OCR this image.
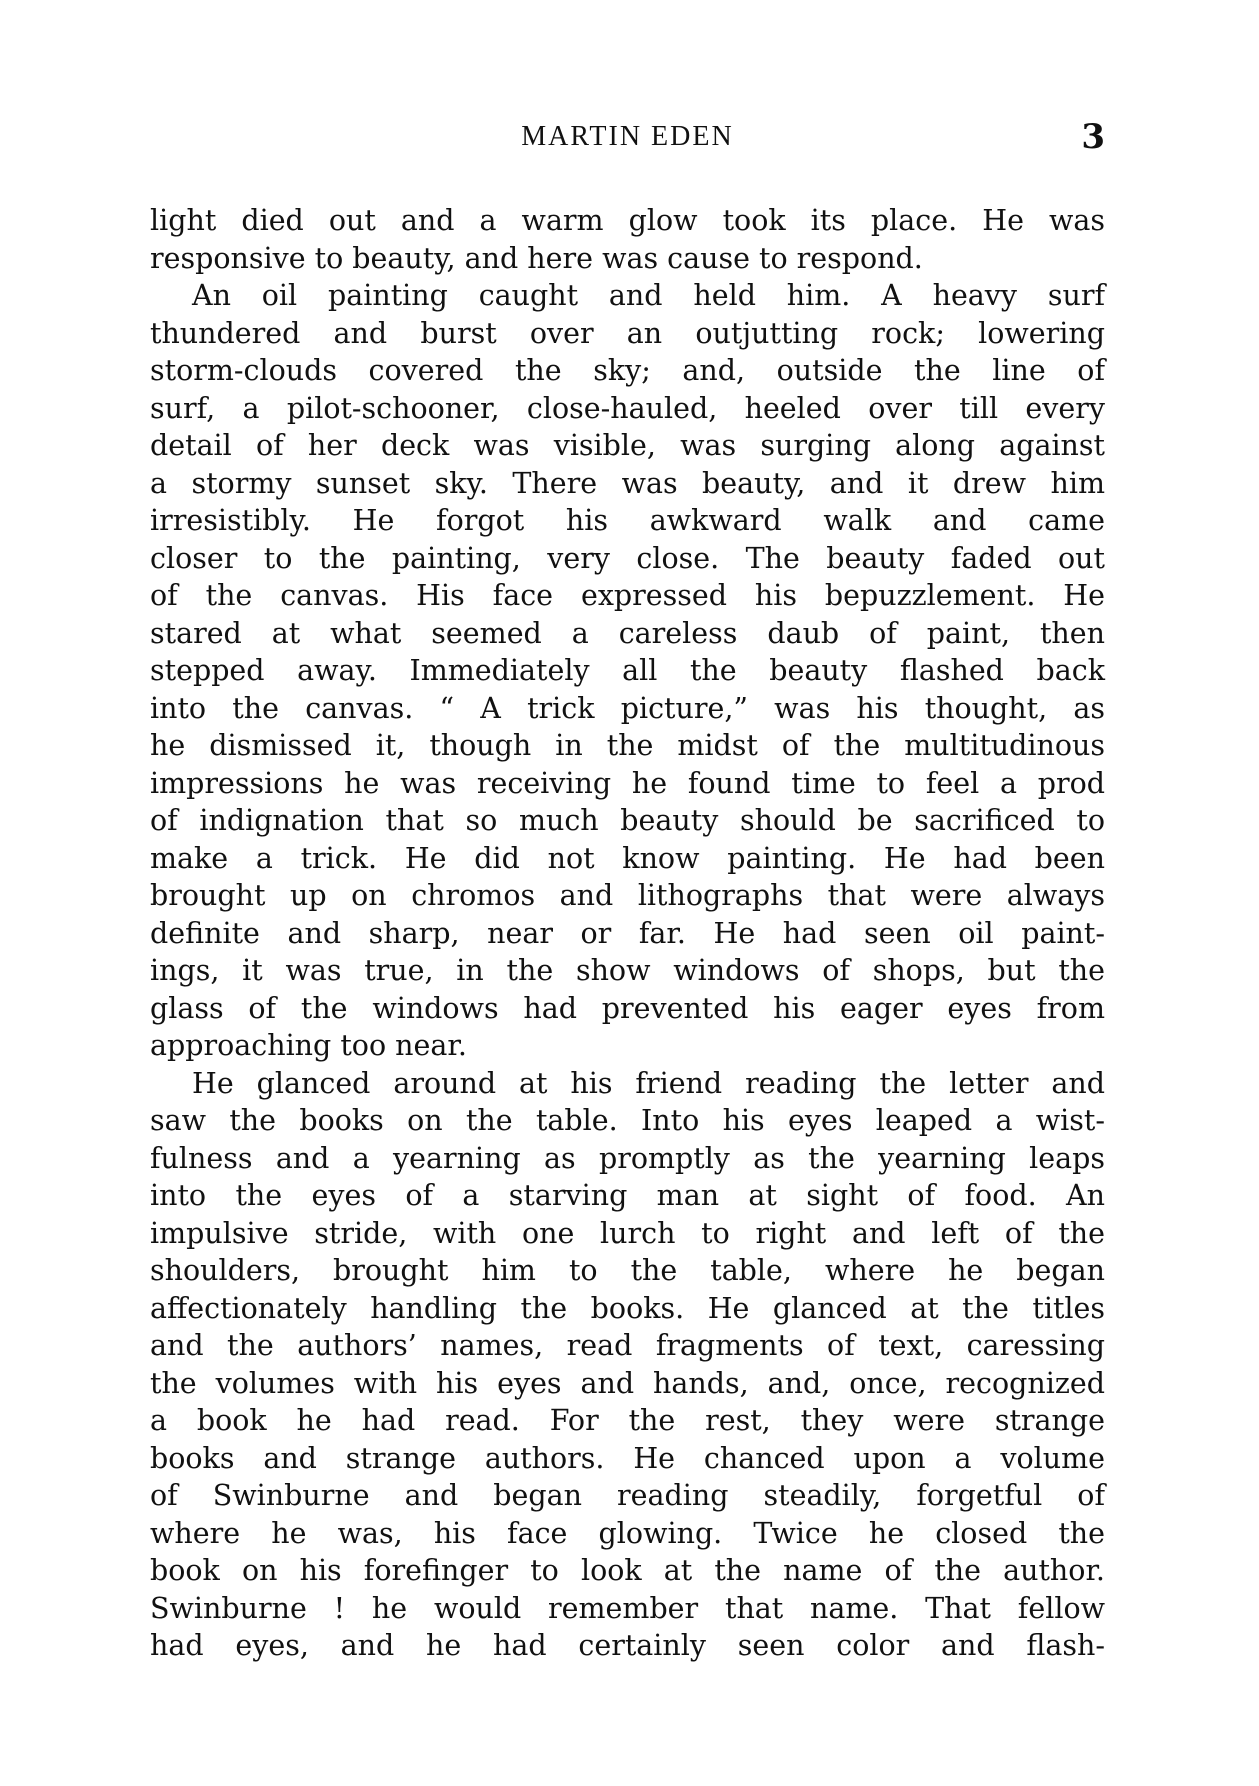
MARTIN EDEN	3
light died out and a warm glow took its place. He was
responsive to beauty, and here was cause to respond.
An oil painting caught and held him. A heavy surf
thundered and burst over an outjutting rock; lowering
storm-clouds covered the sky; and, outside the line of
surf, a pilot-schooner, close-hauled, heeled over till every
detail of her deck was visible, was surging along against
a stormy sunset sky. There was beauty, and it drew him
irresistibly. He forgot his awkward walk and came
closer to the painting, very close. The beauty faded out
of the canvas. His face expressed his bepuzzlement. He
stared at what seemed a careless daub of paint, then
stepped away. Immediately all the beauty flashed back
into the canvas. “ A trick picture,” was his thought, as
he dismissed it, though in the midst of the multitudinous
impressions he was receiving he found time to feel a prod
of indignation that so much beauty should be sacrificed to
make a trick. He did not know painting. He had been
brought up on chromos and lithographs that were always
definite and sharp, near or far. He had seen oil paint-
ings, it was true, in the show windows of shops, but the
glass of the windows had prevented his eager eyes from
approaching too near.
He glanced around at his friend reading the letter and
saw the books on the table. Into his eyes leaped a wist-
fulness and a yearning as promptly as the yearning leaps
into the eyes of a starving man at sight of food. An
impulsive stride, with one lurch to right and left of the
shoulders, brought him to the table, where he began
affectionately handling the books. He glanced at the titles
and the authors’ names, read fragments of text, caressing
the volumes with his eyes and hands, and, once, recognized
a book he had read. For the rest, they were strange
books and strange authors. He chanced upon a volume
of Swinburne and began reading steadily, forgetful of
where he was, his face glowing. Twice he closed the
book on his forefinger to look at the name of the author.
Swinburne ! he would remember that name. That fellow
had eyes, and he had certainly seen color and flash-
